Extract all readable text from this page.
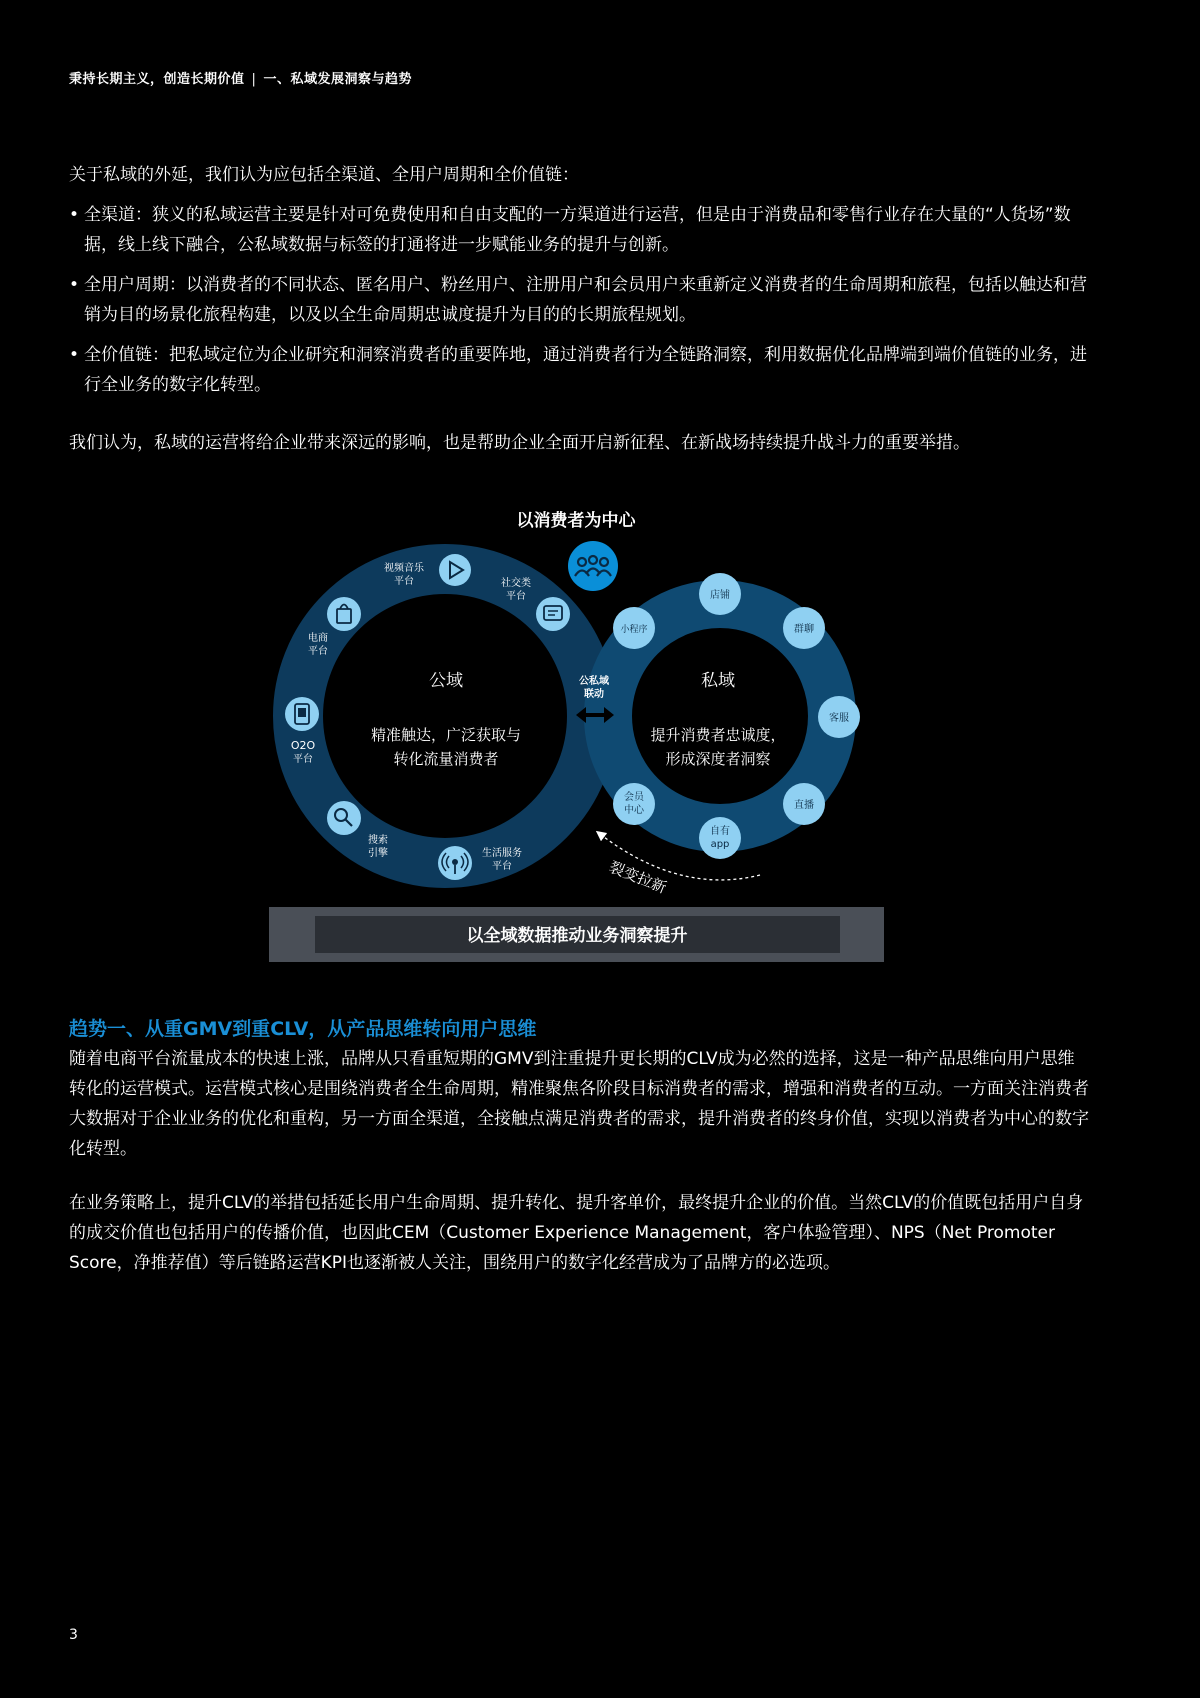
秉持长期主义，创造长期价值 | 一、私域发展洞察与趋势
关于私域的外延，我们认为应包括全渠道、全用户周期和全价值链：
• 全渠道：狭义的私域运营主要是针对可免费使用和自由支配的一方渠道进行运营，但是由于消费品和零售行业存在大量的“人货场”数据，线上线下融合，公私域数据与标签的打通将进一步赋能业务的提升与创新。
• 全用户周期：以消费者的不同状态、匿名用户、粉丝用户、注册用户和会员用户来重新定义消费者的生命周期和旅程，包括以触达和营销为目的场景化旅程构建，以及以全生命周期忠诚度提升为目的的长期旅程规划。
• 全价值链：把私域定位为企业研究和洞察消费者的重要阵地，通过消费者行为全链路洞察，利用数据优化品牌端到端价值链的业务，进行全业务的数字化转型。
我们认为，私域的运营将给企业带来深远的影响，也是帮助企业全面开启新征程、在新战场持续提升战斗力的重要举措。
以消费者为中心
公域
精准触达，广泛获取与
转化流量消费者
私域
提升消费者忠诚度，
形成深度者洞察
视频音乐
平台	社交类
平台
电商
平台
O2O
平台
搜索
引擎	生活服务
平台
公私域
联动
店铺
群聊
客服
直播
自有
app
会员
中心
小程序
裂变拉新
以全域数据推动业务洞察提升
趋势一、从重GMV到重CLV，从产品思维转向用户思维
随着电商平台流量成本的快速上涨，品牌从只看重短期的GMV到注重提升更长期的CLV成为必然的选择，这是一种产品思维向用户思维转化的运营模式。运营模式核心是围绕消费者全生命周期，精准聚焦各阶段目标消费者的需求，增强和消费者的互动。一方面关注消费者大数据对于企业业务的优化和重构，另一方面全渠道，全接触点满足消费者的需求，提升消费者的终身价值，实现以消费者为中心的数字化转型。
在业务策略上，提升CLV的举措包括延长用户生命周期、提升转化、提升客单价，最终提升企业的价值。当然CLV的价值既包括用户自身的成交价值也包括用户的传播价值，也因此CEM（Customer Experience Management，客户体验管理）、NPS（Net Promoter Score，净推荐值）等后链路运营KPI也逐渐被人关注，围绕用户的数字化经营成为了品牌方的必选项。
3
